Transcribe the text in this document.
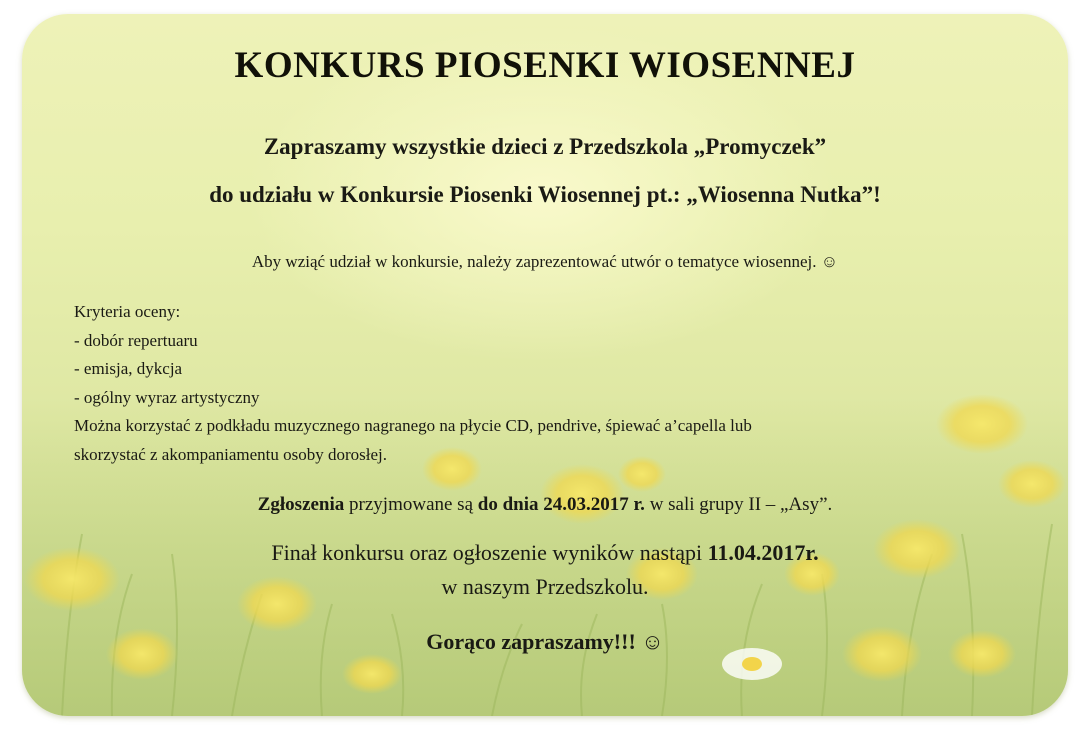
KONKURS PIOSENKI WIOSENNEJ
Zapraszamy wszystkie dzieci z Przedszkola „Promyczek”
do udziału w Konkursie Piosenki Wiosennej pt.: „Wiosenna Nutka”!
Aby wziąć udział w konkursie, należy zaprezentować utwór o tematyce wiosennej. ☺
Kryteria oceny:
- dobór repertuaru
- emisja, dykcja
- ogólny wyraz artystyczny
Można korzystać z podkładu muzycznego nagranego na płycie CD, pendrive, śpiewać a’capella lub
skorzystać z akompaniamentu osoby dorosłej.
Zgłoszenia przyjmowane są do dnia 24.03.2017 r. w sali grupy II – „Asy”.
Finał konkursu oraz ogłoszenie wyników nastąpi 11.04.2017r.
w naszym Przedszkolu.
Gorąco zapraszamy!!! ☺
